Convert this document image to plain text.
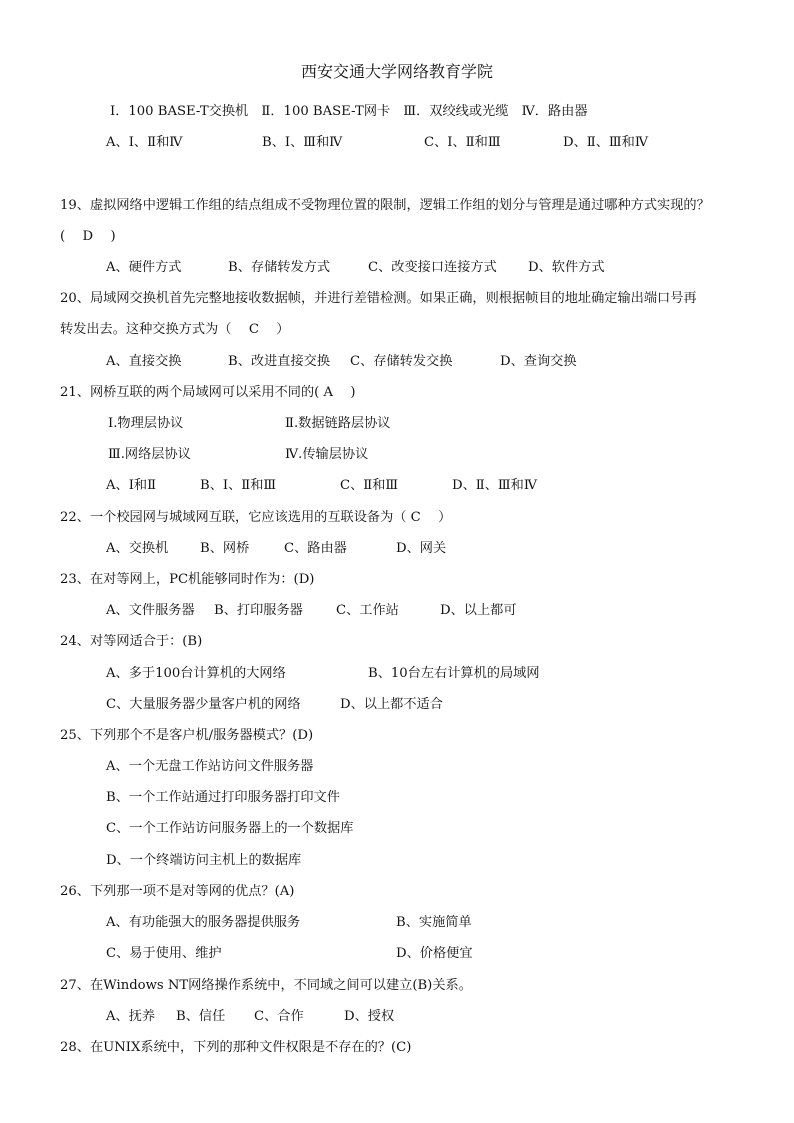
西安交通大学网络教育学院
Ⅰ．100 BASE-T交换机　Ⅱ．100 BASE-T网卡　Ⅲ．双绞线或光缆　Ⅳ．路由器
A、Ⅰ、Ⅱ和Ⅳ	B、Ⅰ、Ⅲ和Ⅳ	C、Ⅰ、Ⅱ和Ⅲ	D、Ⅱ、Ⅲ和Ⅳ
19、虚拟网络中逻辑工作组的结点组成不受物理位置的限制，逻辑工作组的划分与管理是通过哪种方式实现的？
(　 D　 )
A、硬件方式	B、存储转发方式	C、改变接口连接方式 D、软件方式
20、局域网交换机首先完整地接收数据帧，并进行差错检测。如果正确，则根据帧目的地址确定输出端口号再
转发出去。这种交换方式为（　 C　 ）
A、直接交换	B、改进直接交换 C、存储转发交换	D、查询交换
21、网桥互联的两个局域网可以采用不同的( A　 )
Ⅰ.物理层协议	Ⅱ.数据链路层协议
Ⅲ.网络层协议	Ⅳ.传输层协议
A、Ⅰ和Ⅱ	B、Ⅰ、Ⅱ和Ⅲ	C、Ⅱ和Ⅲ	D、Ⅱ、Ⅲ和Ⅳ
22、一个校园网与城域网互联，它应该选用的互联设备为（ C　 ）
A、交换机 B、网桥	C、路由器	D、网关
23、在对等网上，PC机能够同时作为：(D)
A、文件服务器 B、打印服务器	C、工作站	D、以上都可
24、对等网适合于：(B)
A、多于100台计算机的大网络	B、10台左右计算机的局域网
C、大量服务器少量客户机的网络	D、以上都不适合
25、下列那个不是客户机/服务器模式？(D)
A、一个无盘工作站访问文件服务器
B、一个工作站通过打印服务器打印文件
C、一个工作站访问服务器上的一个数据库
D、一个终端访问主机上的数据库
26、下列那一项不是对等网的优点？(A)
A、有功能强大的服务器提供服务	B、实施简单
C、易于使用、维护	D、价格便宜
27、在Windows NT网络操作系统中，不同域之间可以建立(B)关系。
A、抚养 B、信任 C、合作	D、授权
28、在UNIX系统中，下列的那种文件权限是不存在的？(C)
